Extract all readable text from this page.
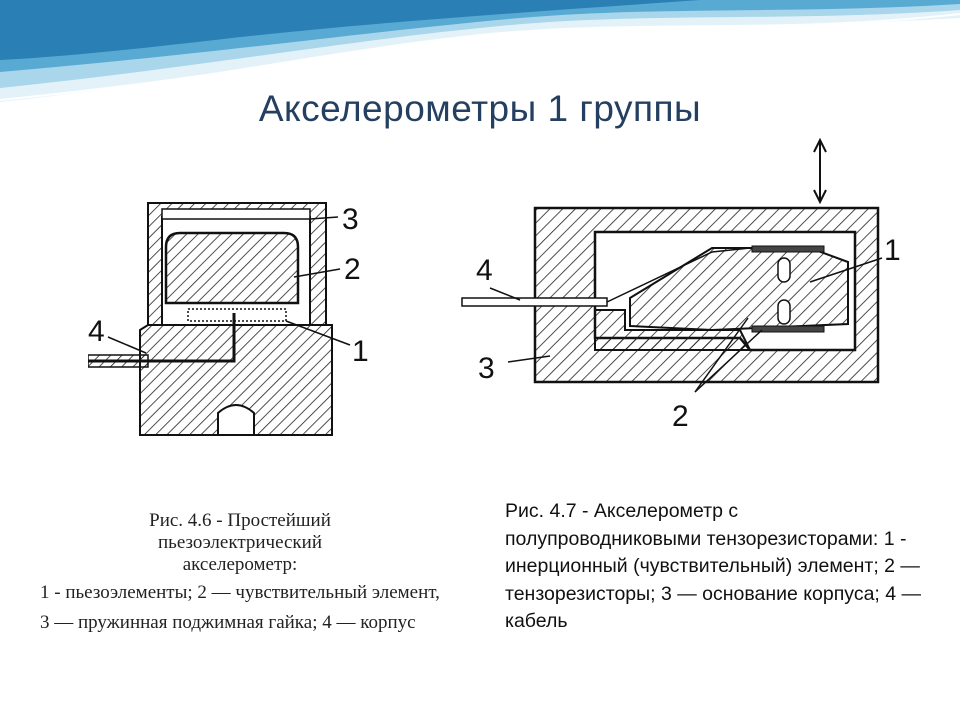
Акселерометры 1 группы
3
2
1
4
4
3
1
2

Рис. 4.6 - Простейший

пьезоэлектрический

акселерометр:

1 - пьезоэлементы; 2 — чувствительный элемент,

3 — пружинная поджимная гайка; 4 — корпус

Рис. 4.7 - Акселерометр с полупроводниковыми тензорезисторами: 1 - инерционный (чувствительный) элемент; 2 — тензорезисторы; 3 — основание корпуса; 4 — кабель
